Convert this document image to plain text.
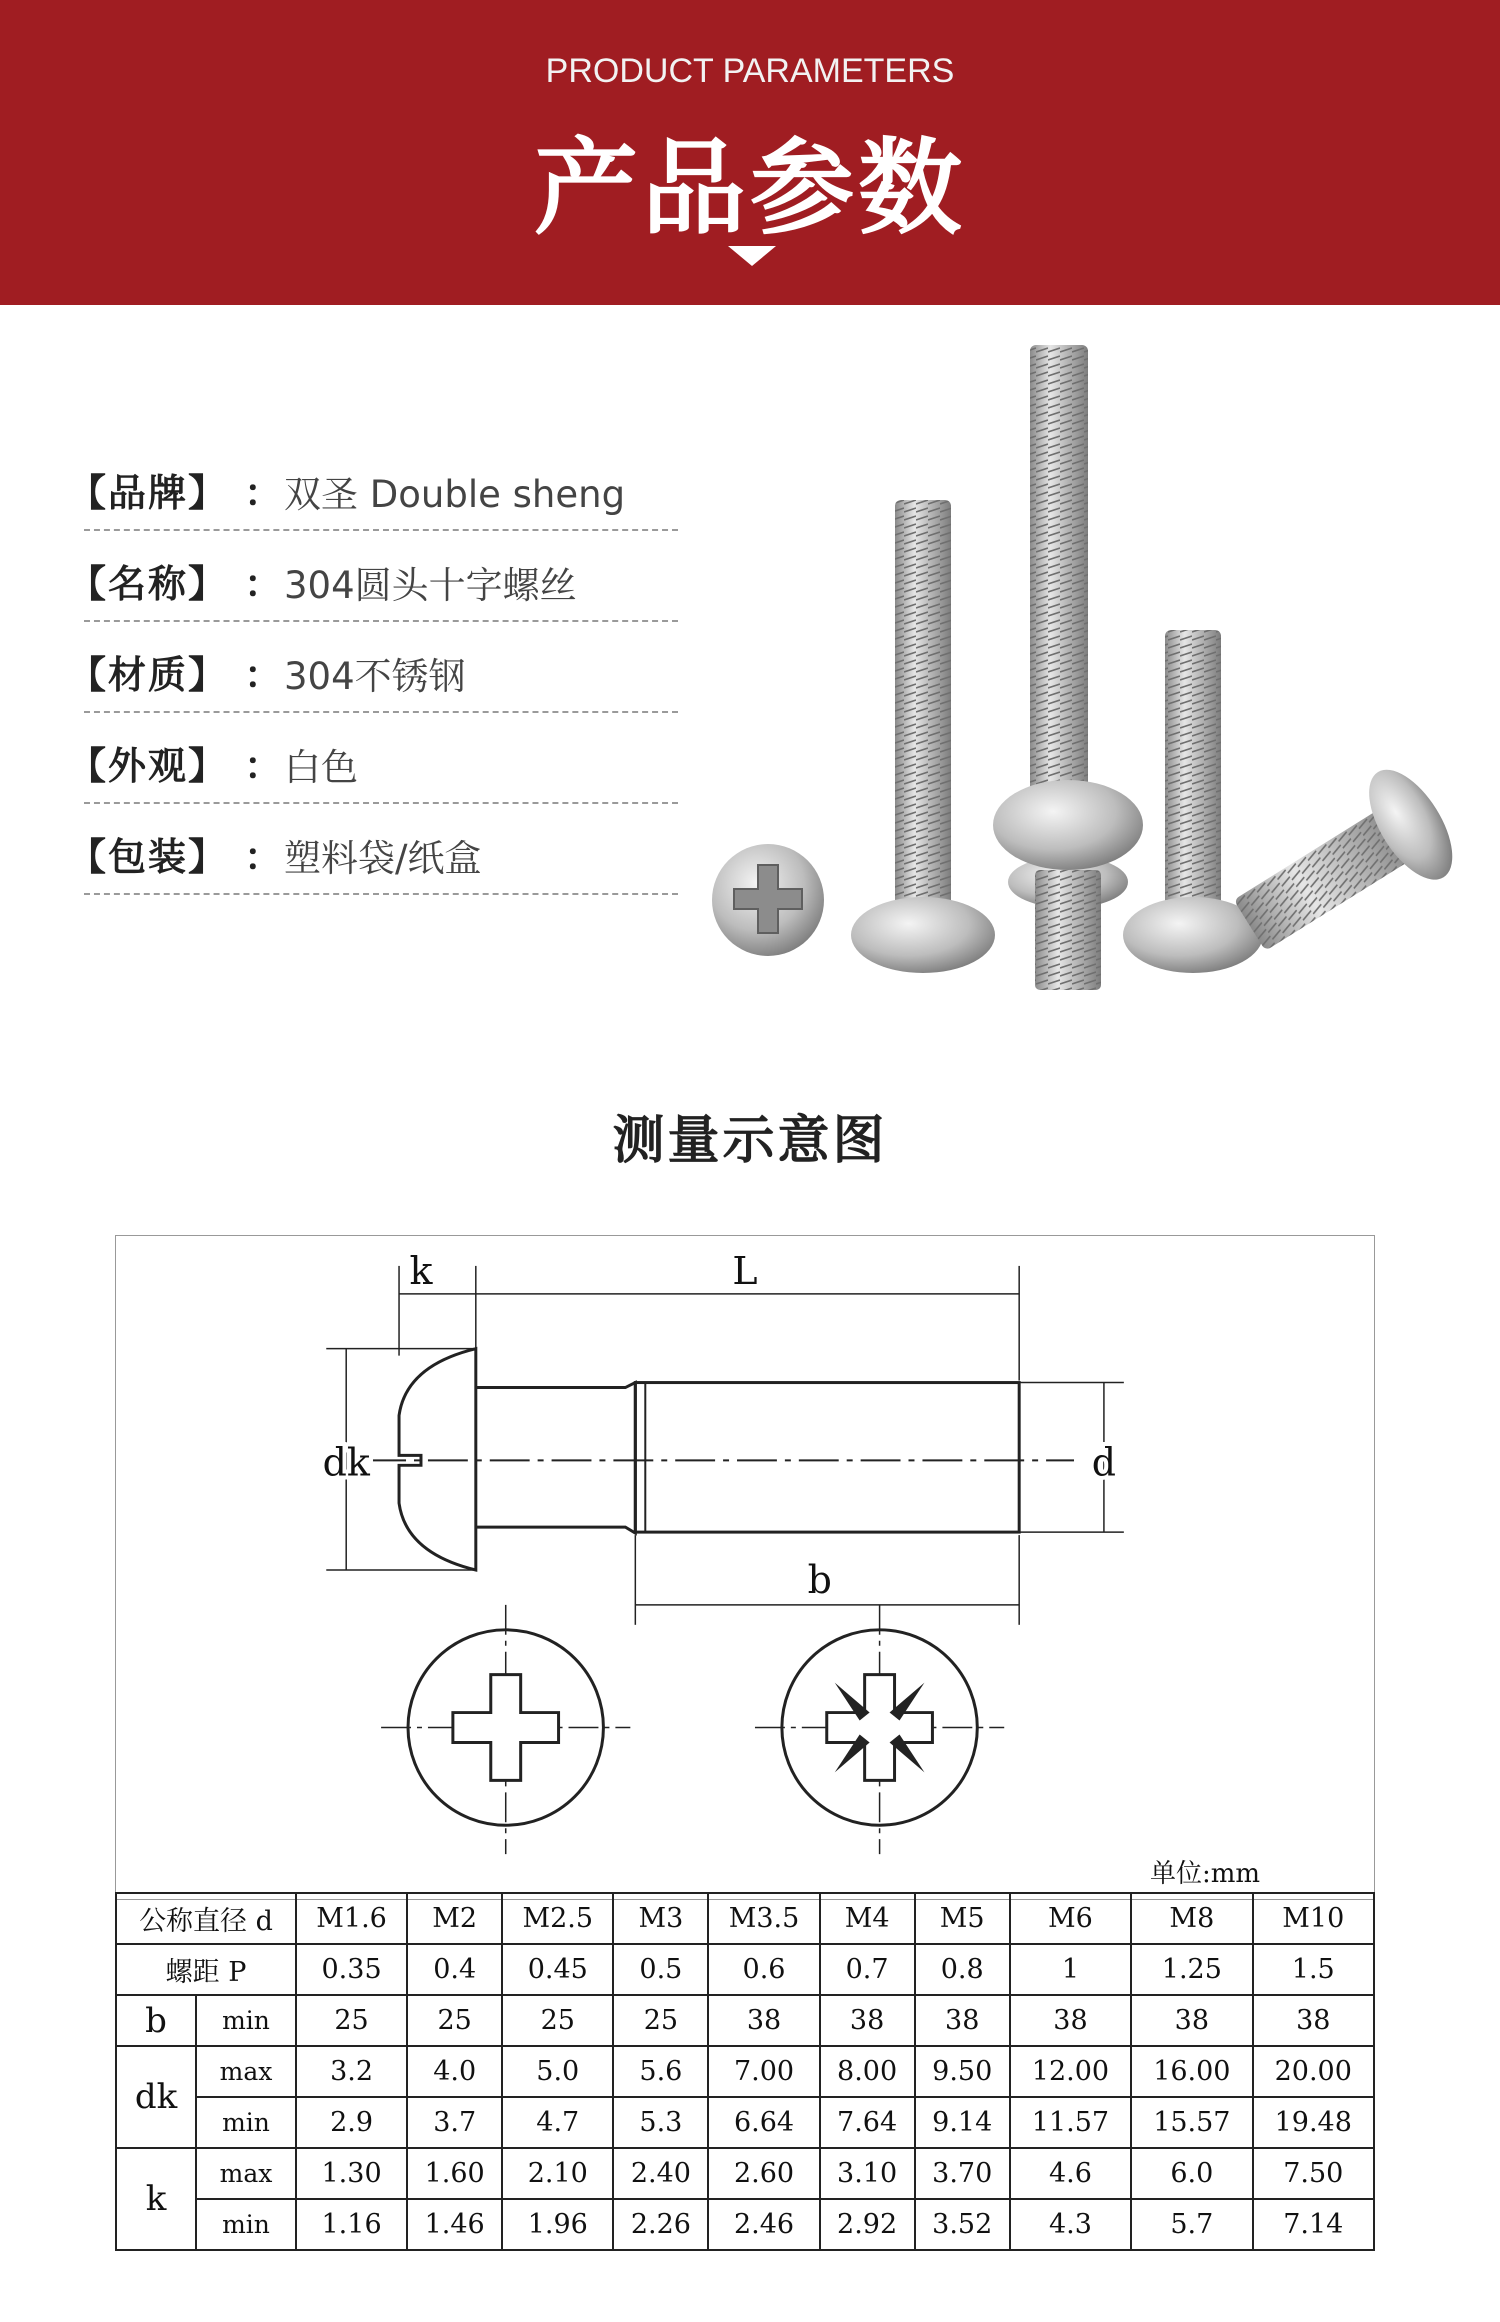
PRODUCT PARAMETERS
产品参数
【品牌】 ： 双圣 Double sheng
【名称】 ： 304圆头十字螺丝
【材质】 ： 304不锈钢
【外观】 ： 白色
【包装】 ： 塑料袋/纸盒
测量示意图
k	L
dk	d
b
单位:mm
公称直径 d		M1.6	M2	M2.5	M3	M3.5	M4	M5	M6	M8	M10
螺距 P		0.35	0.4	0.45	0.5	0.6	0.7	0.8	1	1.25	1.5
b	min	25	25	25	25	38	38	38	38	38	38
dk	max	3.2	4.0	5.0	5.6	7.00	8.00	9.50	12.00	16.00	20.00
	min	2.9	3.7	4.7	5.3	6.64	7.64	9.14	11.57	15.57	19.48
k	max	1.30	1.60	2.10	2.40	2.60	3.10	3.70	4.6	6.0	7.50
	min	1.16	1.46	1.96	2.26	2.46	2.92	3.52	4.3	5.7	7.14
